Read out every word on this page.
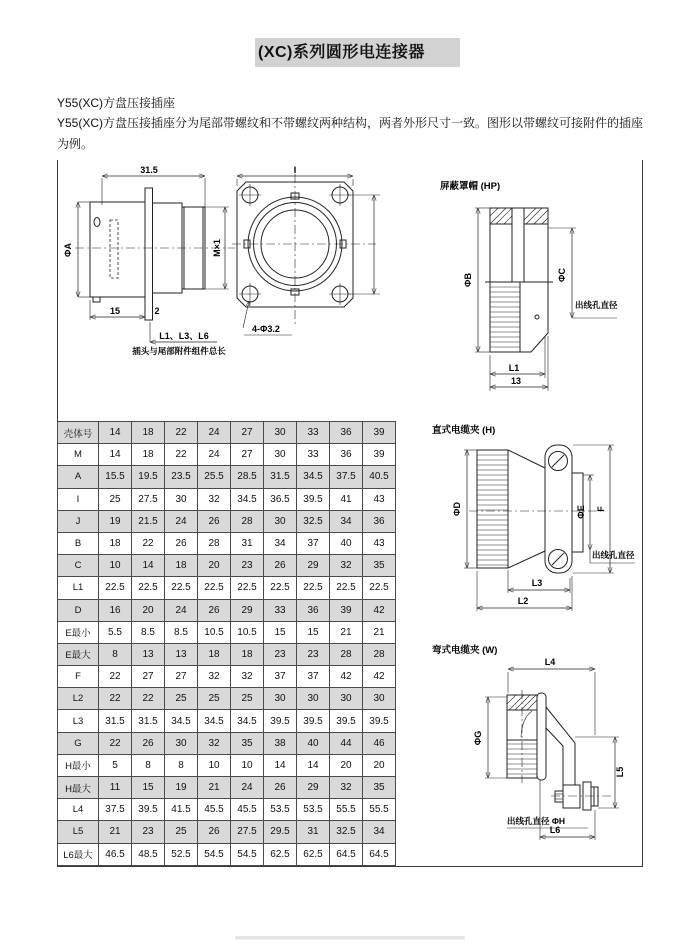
(XC)系列圆形电连接器
Y55(XC)方盘压接插座
Y55(XC)方盘压接插座分为尾部带螺纹和不带螺纹两种结构，两者外形尺寸一致。图形以带螺纹可接附件的插座为例。
31.5
ΦA	M×1
15	2
L1、L3、L6
插头与尾部附件组件总长
I
4-Φ3.2
屏蔽罩帽 (HP)
ΦB	ΦC
出线孔直径
L1
13
直式电缆夹 (H)
ΦD	ΦE F
出线孔直径
L3
L2
弯式电缆夹 (W)
L4
ΦG
L5
出线孔直径 ΦH
L6
壳体号	14	18	22	24	27	30	33	36	39
M	14	18	22	24	27	30	33	36	39
A	15.5	19.5	23.5	25.5	28.5	31.5	34.5	37.5	40.5
I	25	27.5	30	32	34.5	36.5	39.5	41	43
J	19	21.5	24	26	28	30	32.5	34	36
B	18	22	26	28	31	34	37	40	43
C	10	14	18	20	23	26	29	32	35
L1	22.5	22.5	22.5	22.5	22.5	22.5	22.5	22.5	22.5
D	16	20	24	26	29	33	36	39	42
E最小	5.5	8.5	8.5	10.5	10.5	15	15	21	21
E最大	8	13	13	18	18	23	23	28	28
F	22	27	27	32	32	37	37	42	42
L2	22	22	25	25	25	30	30	30	30
L3	31.5	31.5	34.5	34.5	34.5	39.5	39.5	39.5	39.5
G	22	26	30	32	35	38	40	44	46
H最小	5	8	8	10	10	14	14	20	20
H最大	11	15	19	21	24	26	29	32	35
L4	37.5	39.5	41.5	45.5	45.5	53.5	53.5	55.5	55.5
L5	21	23	25	26	27.5	29.5	31	32.5	34
L6最大	46.5	48.5	52.5	54.5	54.5	62.5	62.5	64.5	64.5
